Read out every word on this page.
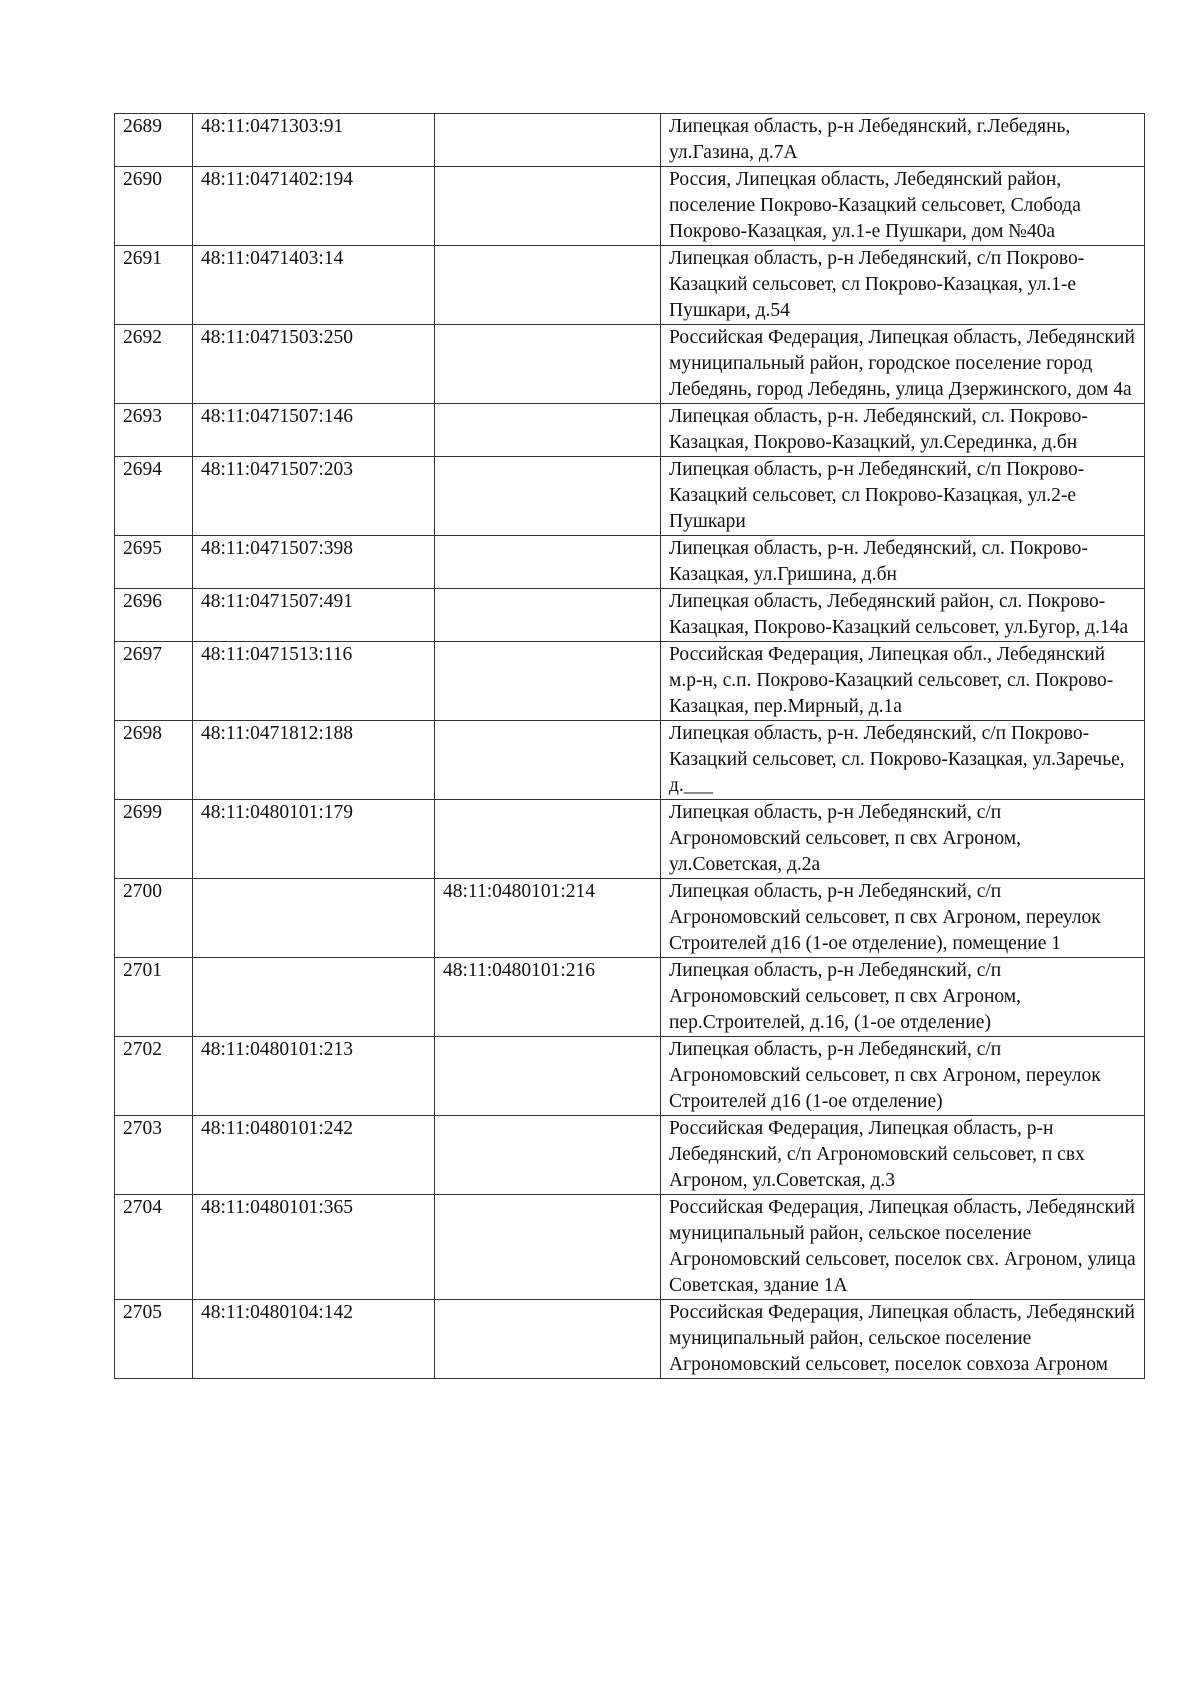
2689	48:11:0471303:91		Липецкая область, р-н Лебедянский, г.Лебедянь, ул.Газина, д.7А
2690	48:11:0471402:194		Россия, Липецкая область, Лебедянский район, поселение Покрово-Казацкий сельсовет, Слобода Покрово-Казацкая, ул.1-е Пушкари, дом №40а
2691	48:11:0471403:14		Липецкая область, р-н Лебедянский, с/п Покрово-Казацкий сельсовет, сл Покрово-Казацкая, ул.1-е Пушкари, д.54
2692	48:11:0471503:250		Российская Федерация, Липецкая область, Лебедянский муниципальный район, городское поселение город Лебедянь, город Лебедянь, улица Дзержинского, дом 4а
2693	48:11:0471507:146		Липецкая область, р-н. Лебедянский, сл. Покрово-Казацкая, Покрово-Казацкий, ул.Серединка, д.бн
2694	48:11:0471507:203		Липецкая область, р-н Лебедянский, с/п Покрово-Казацкий сельсовет, сл Покрово-Казацкая, ул.2-е Пушкари
2695	48:11:0471507:398		Липецкая область, р-н. Лебедянский, сл. Покрово-Казацкая, ул.Гришина, д.бн
2696	48:11:0471507:491		Липецкая область, Лебедянский район, сл. Покрово-Казацкая, Покрово-Казацкий сельсовет, ул.Бугор, д.14а
2697	48:11:0471513:116		Российская Федерация, Липецкая обл., Лебедянский м.р-н, с.п. Покрово-Казацкий сельсовет, сл. Покрово-Казацкая, пер.Мирный, д.1а
2698	48:11:0471812:188		Липецкая область, р-н. Лебедянский, с/п Покрово-Казацкий сельсовет, сл. Покрово-Казацкая, ул.Заречье, д.___
2699	48:11:0480101:179		Липецкая область, р-н Лебедянский, с/п Агрономовский сельсовет, п свх Агроном, ул.Советская, д.2а
2700		48:11:0480101:214	Липецкая область, р-н Лебедянский, с/п Агрономовский сельсовет, п свх Агроном, переулок Строителей д16 (1-ое отделение), помещение 1
2701		48:11:0480101:216	Липецкая область, р-н Лебедянский, с/п Агрономовский сельсовет, п свх Агроном, пер.Строителей, д.16, (1-ое отделение)
2702	48:11:0480101:213		Липецкая область, р-н Лебедянский, с/п Агрономовский сельсовет, п свх Агроном, переулок Строителей д16 (1-ое отделение)
2703	48:11:0480101:242		Российская Федерация, Липецкая область, р-н Лебедянский, с/п Агрономовский сельсовет, п свх Агроном, ул.Советская, д.3
2704	48:11:0480101:365		Российская Федерация, Липецкая область, Лебедянский муниципальный район, сельское поселение Агрономовский сельсовет, поселок свх. Агроном, улица Советская, здание 1А
2705	48:11:0480104:142		Российская Федерация, Липецкая область, Лебедянский муниципальный район, сельское поселение Агрономовский сельсовет, поселок совхоза Агроном
